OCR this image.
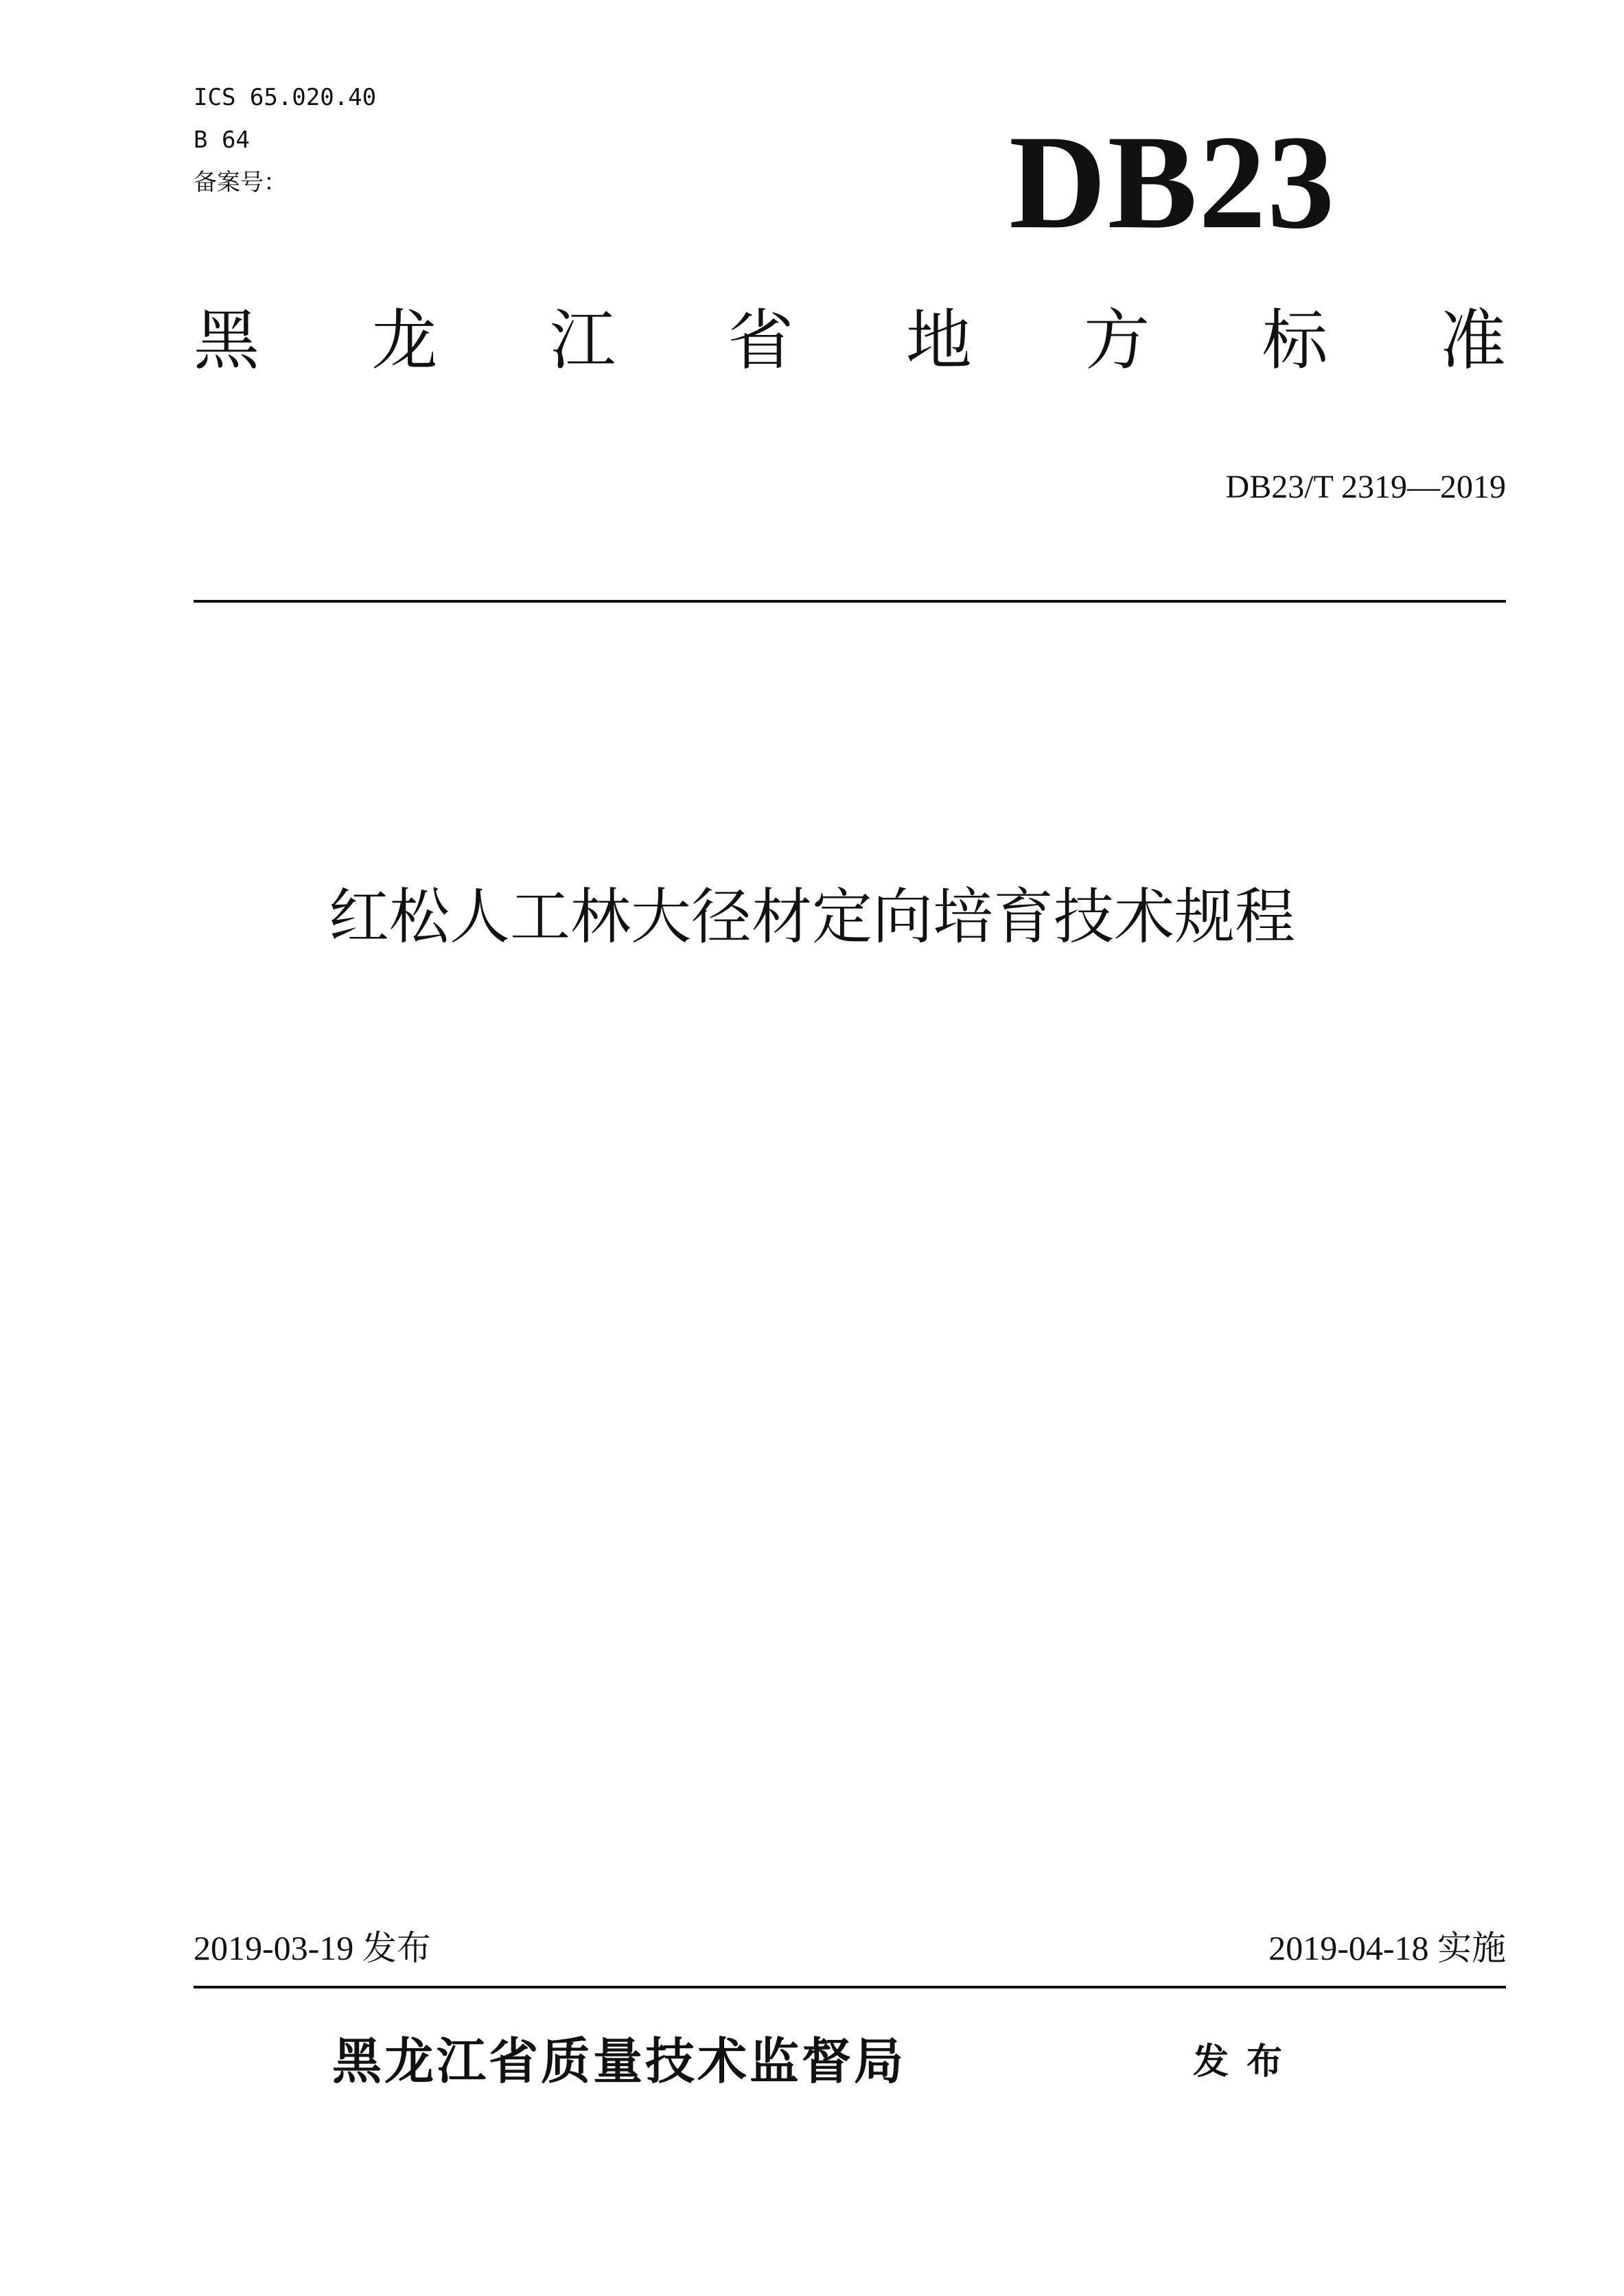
ICS 65.020.40
B 64
备案号：	DB23
黑 龙 江 省 地 方 标 准
DB23/T 2319—2019
红松人工林大径材定向培育技术规程
2019-03-19 发布	2019-04-18 实施
黑龙江省质量技术监督局	发布
